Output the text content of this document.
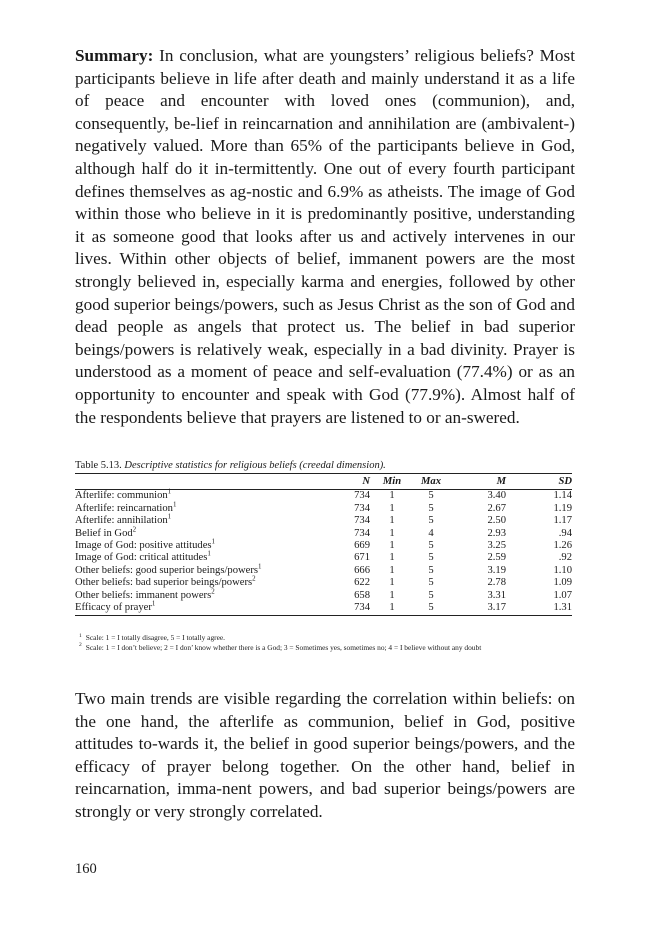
Summary: In conclusion, what are youngsters’ religious beliefs? Most participants believe in life after death and mainly understand it as a life of peace and encounter with loved ones (communion), and, consequently, be-lief in reincarnation and annihilation are (ambivalent-) negatively valued. More than 65% of the participants believe in God, although half do it in-termittently. One out of every fourth participant defines themselves as ag-nostic and 6.9% as atheists. The image of God within those who believe in it is predominantly positive, understanding it as someone good that looks after us and actively intervenes in our lives. Within other objects of belief, immanent powers are the most strongly believed in, especially karma and energies, followed by other good superior beings/powers, such as Jesus Christ as the son of God and dead people as angels that protect us. The belief in bad superior beings/powers is relatively weak, especially in a bad divinity. Prayer is understood as a moment of peace and self-evaluation (77.4%) or as an opportunity to encounter and speak with God (77.9%). Almost half of the respondents believe that prayers are listened to or an-swered.

Table 5.13. Descriptive statistics for religious beliefs (creedal dimension).
	N	Min	Max	M	SD
Afterlife: communion$^1$	734	1	5	3.40	1.14
Afterlife: reincarnation$^1$	734	1	5	2.67	1.19
Afterlife: annihilation$^1$	734	1	5	2.50	1.17
Belief in God$^2$	734	1	4	2.93	.94
Image of God: positive attitudes$^1$	669	1	5	3.25	1.26
Image of God: critical attitudes$^1$	671	1	5	2.59	.92
Other beliefs: good superior beings/powers$^1$	666	1	5	3.19	1.10
Other beliefs: bad superior beings/powers$^2$	622	1	5	2.78	1.09
Other beliefs: immanent powers$^2$	658	1	5	3.31	1.07
Efficacy of prayer$^1$	734	1	5	3.17	1.31
$^1$ Scale: 1 = I totally disagree, 5 = I totally agree.
$^2$ Scale: 1 = I don’t believe; 2 = I don’ know whether there is a God; 3 = Sometimes yes, sometimes no; 4 = I believe without any doubt

Two main trends are visible regarding the correlation within beliefs: on the one hand, the afterlife as communion, belief in God, positive attitudes to-wards it, the belief in good superior beings/powers, and the efficacy of prayer belong together. On the other hand, belief in reincarnation, imma-nent powers, and bad superior beings/powers are strongly or very strongly correlated.

160
